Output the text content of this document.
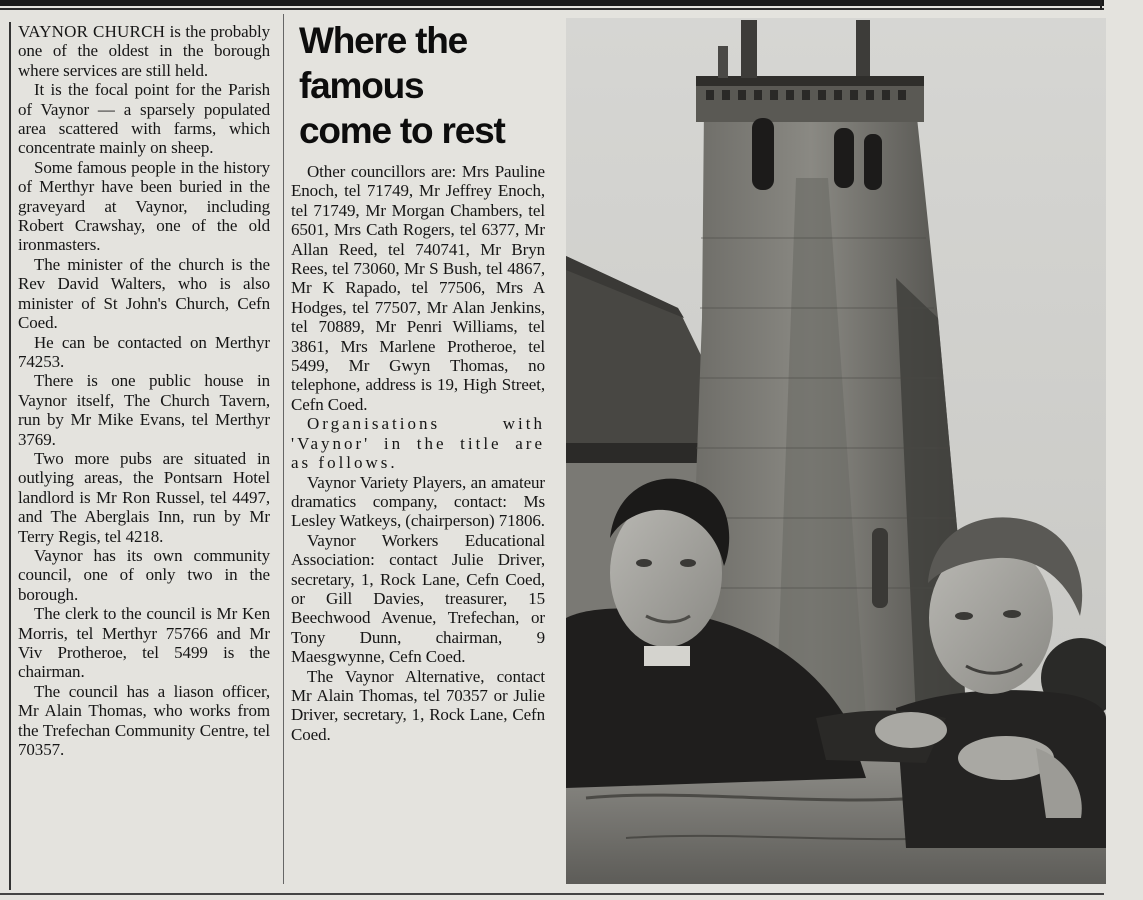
VAYNOR CHURCH is the probably one of the oldest in the borough where services are still held.

It is the focal point for the Parish of Vaynor — a sparsely populated area scattered with farms, which concentrate mainly on sheep.

Some famous people in the history of Merthyr have been buried in the graveyard at Vaynor, including Robert Crawshay, one of the old ironmasters.

The minister of the church is the Rev David Walters, who is also minister of St John's Church, Cefn Coed.

He can be contacted on Merthyr 74253.

There is one public house in Vaynor itself, The Church Tavern, run by Mr Mike Evans, tel Merthyr 3769.

Two more pubs are situated in outlying areas, the Pontsarn Hotel landlord is Mr Ron Russel, tel 4497, and The Aberglais Inn, run by Mr Terry Regis, tel 4218.

Vaynor has its own community council, one of only two in the borough.

The clerk to the council is Mr Ken Morris, tel Merthyr 75766 and Mr Viv Protheroe, tel 5499 is the chairman.

The council has a liason officer, Mr Alain Thomas, who works from the Trefechan Community Centre, tel 70357.

Where the
famous
come to rest

Other councillors are: Mrs Pauline Enoch, tel 71749, Mr Jeffrey Enoch, tel 71749, Mr Morgan Chambers, tel 6501, Mrs Cath Rogers, tel 6377, Mr Allan Reed, tel 740741, Mr Bryn Rees, tel 73060, Mr S Bush, tel 4867, Mr K Rapado, tel 77506, Mrs A Hodges, tel 77507, Mr Alan Jenkins, tel 70889, Mr Penri Williams, tel 3861, Mrs Marlene Protheroe, tel 5499, Mr Gwyn Thomas, no telephone, address is 19, High Street, Cefn Coed.

Organisations with 'Vaynor' in the title are as follows.

Vaynor Variety Players, an amateur dramatics company, contact: Ms Lesley Watkeys, (chairperson) 71806.

Vaynor Workers Educational Association: contact Julie Driver, secretary, 1, Rock Lane, Cefn Coed, or Gill Davies, treasurer, 15 Beechwood Avenue, Trefechan, or Tony Dunn, chairman, 9 Maesgwynne, Cefn Coed.

The Vaynor Alternative, contact Mr Alain Thomas, tel 70357 or Julie Driver, secretary, 1, Rock Lane, Cefn Coed.
